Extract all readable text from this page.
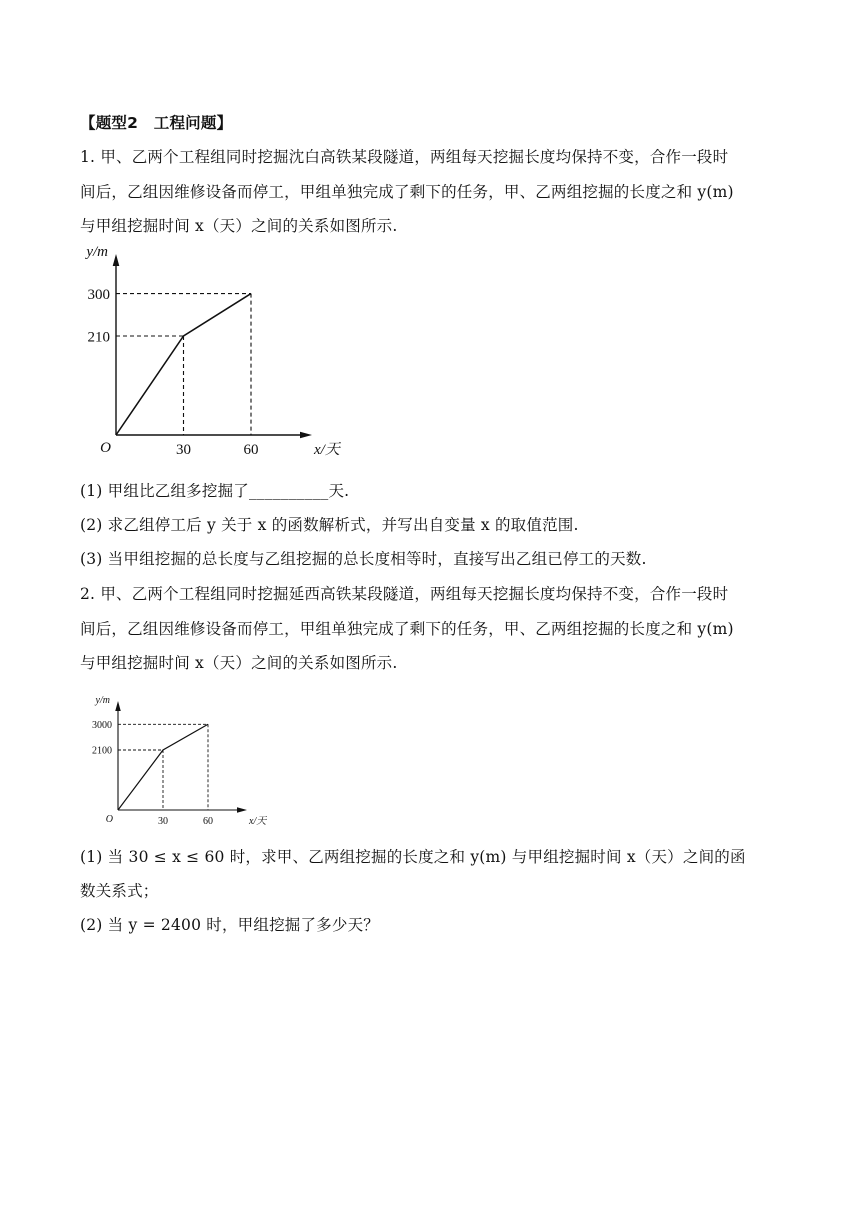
【题型2　工程问题】
1. 甲、乙两个工程组同时挖掘沈白高铁某段隧道，两组每天挖掘长度均保持不变，合作一段时
间后，乙组因维修设备而停工，甲组单独完成了剩下的任务，甲、乙两组挖掘的长度之和 y(m)
与甲组挖掘时间 x（天）之间的关系如图所示.
30	60
210
300
O	x/天
y/m
(1) 甲组比乙组多挖掘了__________天.
(2) 求乙组停工后 y 关于 x 的函数解析式，并写出自变量 x 的取值范围.
(3) 当甲组挖掘的总长度与乙组挖掘的总长度相等时，直接写出乙组已停工的天数.
2. 甲、乙两个工程组同时挖掘延西高铁某段隧道，两组每天挖掘长度均保持不变，合作一段时
间后，乙组因维修设备而停工，甲组单独完成了剩下的任务，甲、乙两组挖掘的长度之和 y(m)
与甲组挖掘时间 x（天）之间的关系如图所示.
30	60
2100
3000
O	x/天
y/m
(1) 当 30 ≤ x ≤ 60 时，求甲、乙两组挖掘的长度之和 y(m) 与甲组挖掘时间 x（天）之间的函
数关系式；
(2) 当 y = 2400 时，甲组挖掘了多少天？
